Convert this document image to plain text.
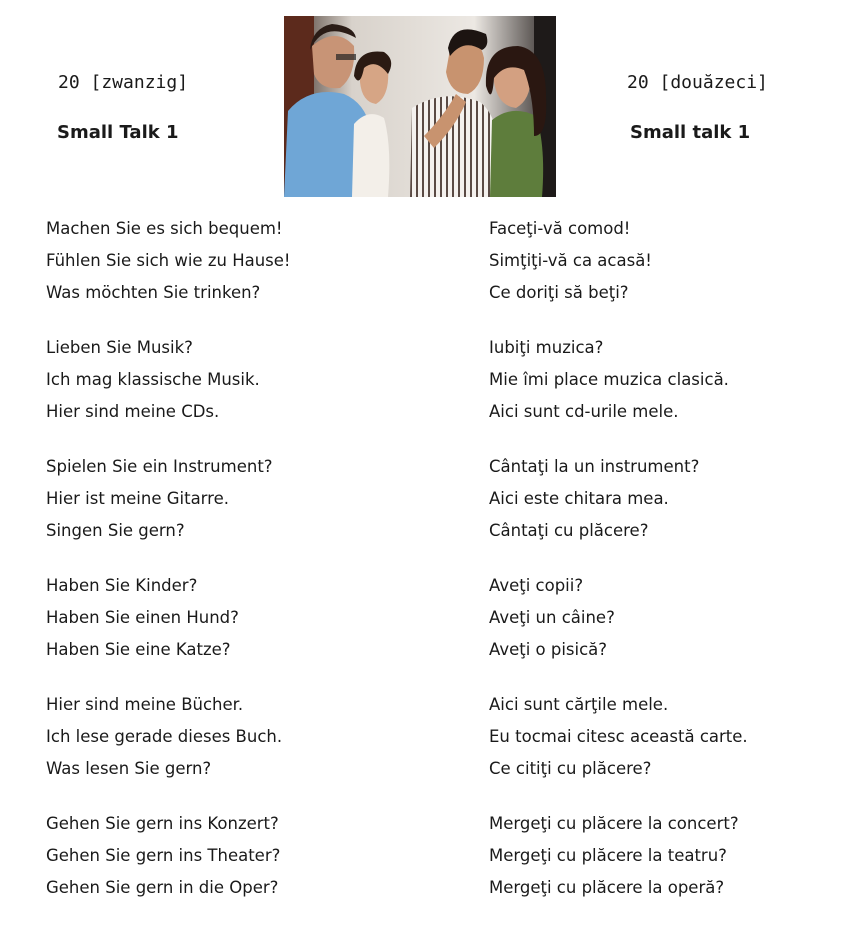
20 [zwanzig]
Small Talk 1
20 [douăzeci]
Small talk 1
Machen Sie es sich bequem!
Fühlen Sie sich wie zu Hause!
Was möchten Sie trinken?
Lieben Sie Musik?
Ich mag klassische Musik.
Hier sind meine CDs.
Spielen Sie ein Instrument?
Hier ist meine Gitarre.
Singen Sie gern?
Haben Sie Kinder?
Haben Sie einen Hund?
Haben Sie eine Katze?
Hier sind meine Bücher.
Ich lese gerade dieses Buch.
Was lesen Sie gern?
Gehen Sie gern ins Konzert?
Gehen Sie gern ins Theater?
Gehen Sie gern in die Oper?
Faceţi-vă comod!
Simţiţi-vă ca acasă!
Ce doriţi să beţi?
Iubiţi muzica?
Mie îmi place muzica clasică.
Aici sunt cd-urile mele.
Cântaţi la un instrument?
Aici este chitara mea.
Cântaţi cu plăcere?
Aveţi copii?
Aveţi un câine?
Aveţi o pisică?
Aici sunt cărţile mele.
Eu tocmai citesc această carte.
Ce citiţi cu plăcere?
Mergeţi cu plăcere la concert?
Mergeţi cu plăcere la teatru?
Mergeţi cu plăcere la operă?
